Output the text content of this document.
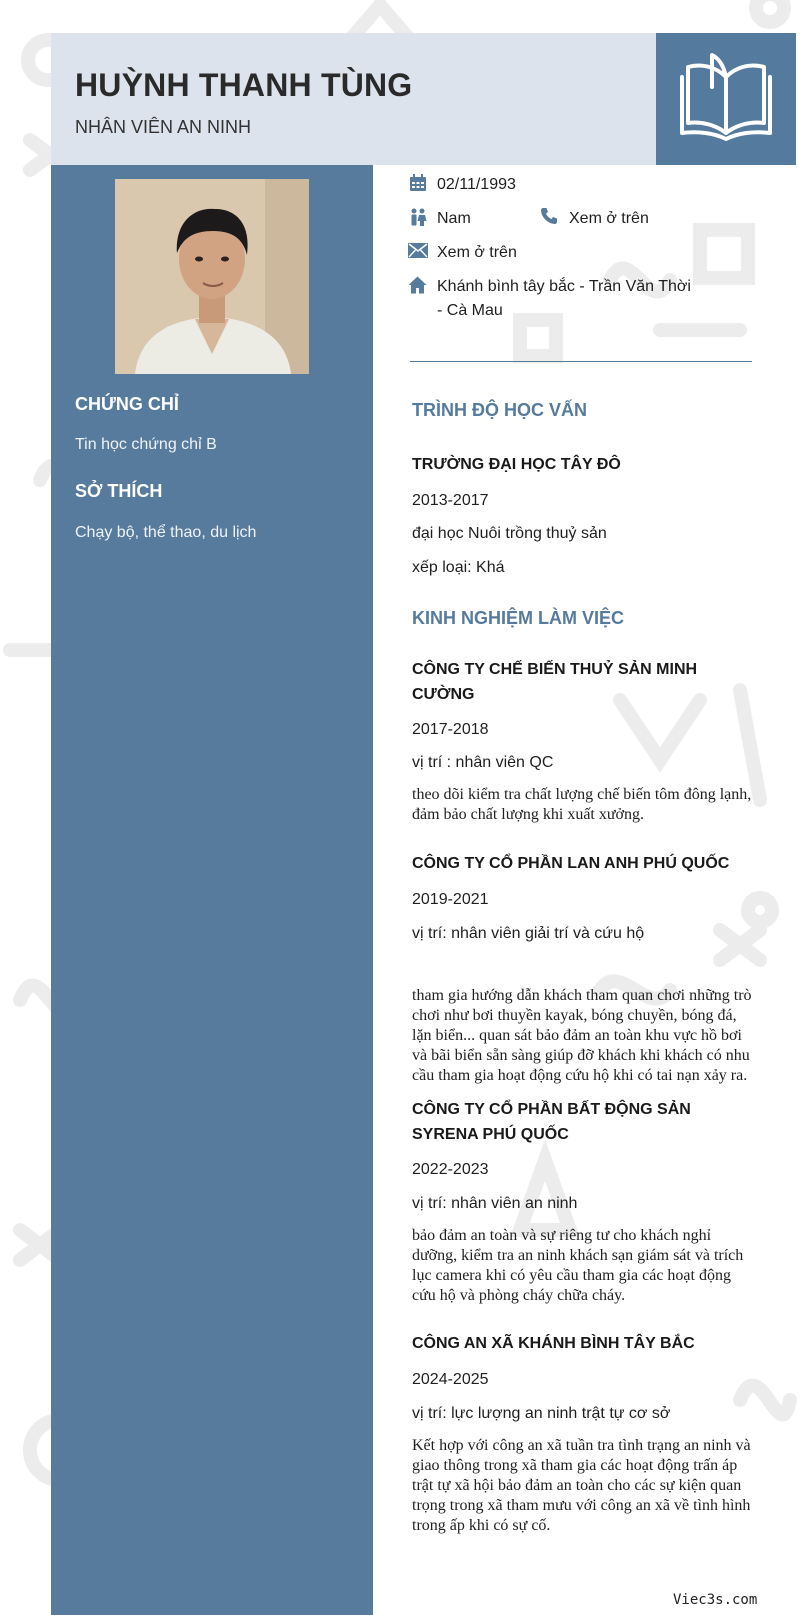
HUỲNH THANH TÙNG
NHÂN VIÊN AN NINH
CHỨNG CHỈ
Tin học chứng chỉ B
SỞ THÍCH
Chạy bộ, thể thao, du lịch
02/11/1993
Nam	Xem ở trên
Xem ở trên
Khánh bình tây bắc - Trần Văn Thời
- Cà Mau
TRÌNH ĐỘ HỌC VẤN
TRƯỜNG ĐẠI HỌC TÂY ĐÔ
2013-2017
đại học Nuôi trồng thuỷ sản
xếp loại: Khá
KINH NGHIỆM LÀM VIỆC
CÔNG TY CHẾ BIẾN THUỶ SẢN MINH CƯỜNG
2017-2018
vị trí : nhân viên QC
theo dõi kiểm tra chất lượng chế biến tôm đông lạnh, đảm bảo chất lượng khi xuất xưởng.
CÔNG TY CỔ PHẦN LAN ANH PHÚ QUỐC
2019-2021
vị trí: nhân viên giải trí và cứu hộ
tham gia hướng dẫn khách tham quan chơi những trò chơi như bơi thuyền kayak, bóng chuyền, bóng đá, lặn biển... quan sát bảo đảm an toàn khu vực hồ bơi và bãi biển sẵn sàng giúp đỡ khách khi khách có nhu cầu tham gia hoạt động cứu hộ khi có tai nạn xảy ra.
CÔNG TY CỔ PHẦN BẤT ĐỘNG SẢN SYRENA PHÚ QUỐC
2022-2023
vị trí: nhân viên an ninh
bảo đảm an toàn và sự riêng tư cho khách nghỉ dưỡng, kiểm tra an ninh khách sạn giám sát và trích lục camera khi có yêu cầu tham gia các hoạt động cứu hộ và phòng cháy chữa cháy.
CÔNG AN XÃ KHÁNH BÌNH TÂY BẮC
2024-2025
vị trí: lực lượng an ninh trật tự cơ sở
Kết hợp với công an xã tuần tra tình trạng an ninh và giao thông trong xã tham gia các hoạt động trấn áp trật tự xã hội bảo đảm an toàn cho các sự kiện quan trọng trong xã tham mưu với công an xã về tình hình trong ấp khi có sự cố.
Viec3s.com
